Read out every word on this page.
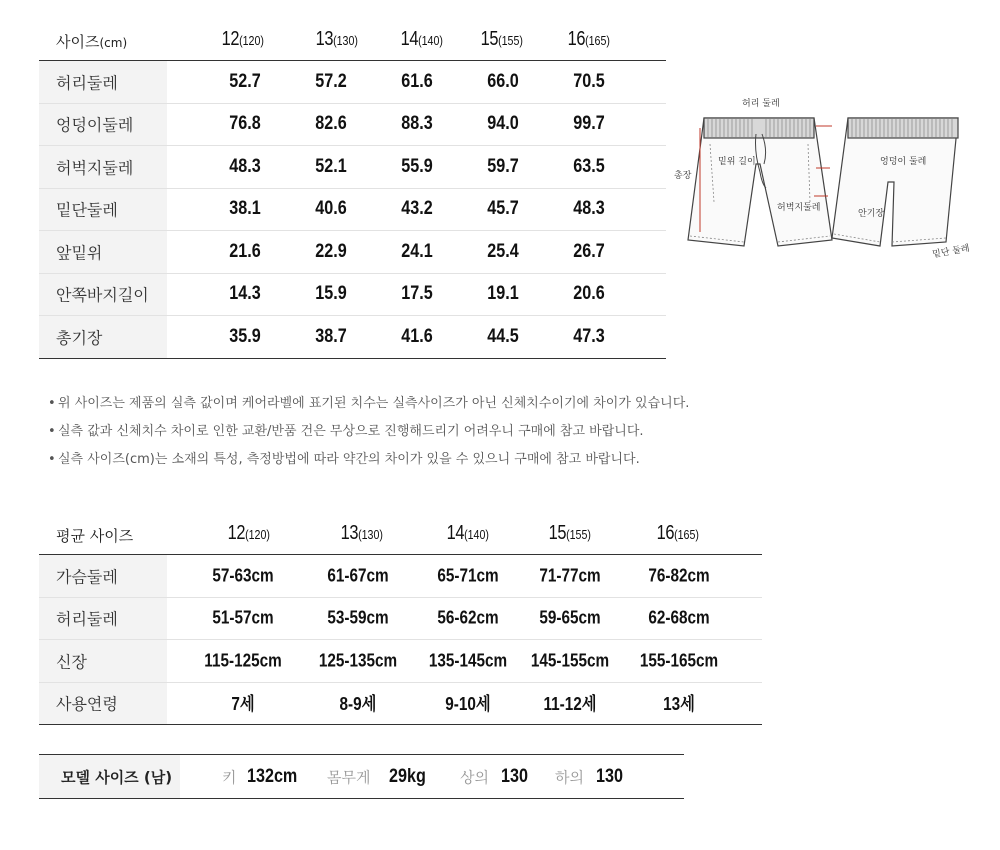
사이즈(cm)	12(120)	13(130) 14(140) 15(155) 16(165)
허리둘레	52.7	57.2	61.6	66.0	70.5
엉덩이둘레	76.8	82.6	88.3	94.0	99.7
허벅지둘레	48.3	52.1	55.9	59.7	63.5
밑단둘레	38.1	40.6	43.2	45.7	48.3
앞밑위	21.6	22.9	24.1	25.4	26.7
안쪽바지길이	14.3	15.9	17.5	19.1	20.6
총기장	35.9	38.7	41.6	44.5	47.3
허리 둘레
총장
밑위 길이
허벅지둘레
엉덩이 둘레
안기장
밑단 둘레
• 위 사이즈는 제품의 실측 값이며 케어라벨에 표기된 치수는 실측사이즈가 아닌 신체치수이기에 차이가 있습니다.
• 실측 값과 신체치수 차이로 인한 교환/반품 건은 무상으로 진행해드리기 어려우니 구매에 참고 바랍니다.
• 실측 사이즈(cm)는 소재의 특성, 측정방법에 따라 약간의 차이가 있을 수 있으니 구매에 참고 바랍니다.
평균 사이즈	12(120)	13(130)	14(140)	15(155)	16(165)
가슴둘레	57-63cm	61-67cm	65-71cm 71-77cm	76-82cm
허리둘레	51-57cm	53-59cm	56-62cm 59-65cm	62-68cm
신장	115-125cm 125-135cm 135-145cm 145-155cm 155-165cm
사용연령	7세	8-9세	9-10세	11-12세	13세
모델 사이즈 (남)	키 132cm 몸무게 29kg 상의 130 하의 130
